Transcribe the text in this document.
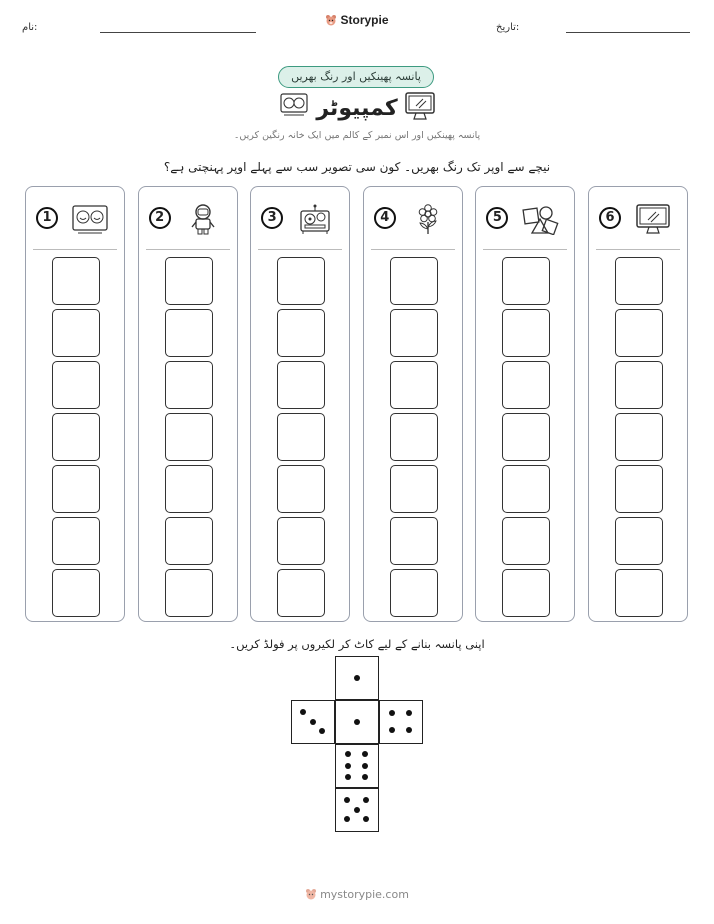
نام:
Storypie
تاریخ:
پانسہ پھینکیں اور رنگ بھریں
کمپیوٹر
پانسہ پھینکیں اور اس نمبر کے کالم میں ایک خانہ رنگین کریں۔
نیچے سے اوپر تک رنگ بھریں۔ کون سی تصویر سب سے پہلے اوپر پہنچتی ہے؟
1	2	3	4	5	6
اپنی پانسہ بنانے کے لیے کاٹ کر لکیروں پر فولڈ کریں۔
mystorypie.com
